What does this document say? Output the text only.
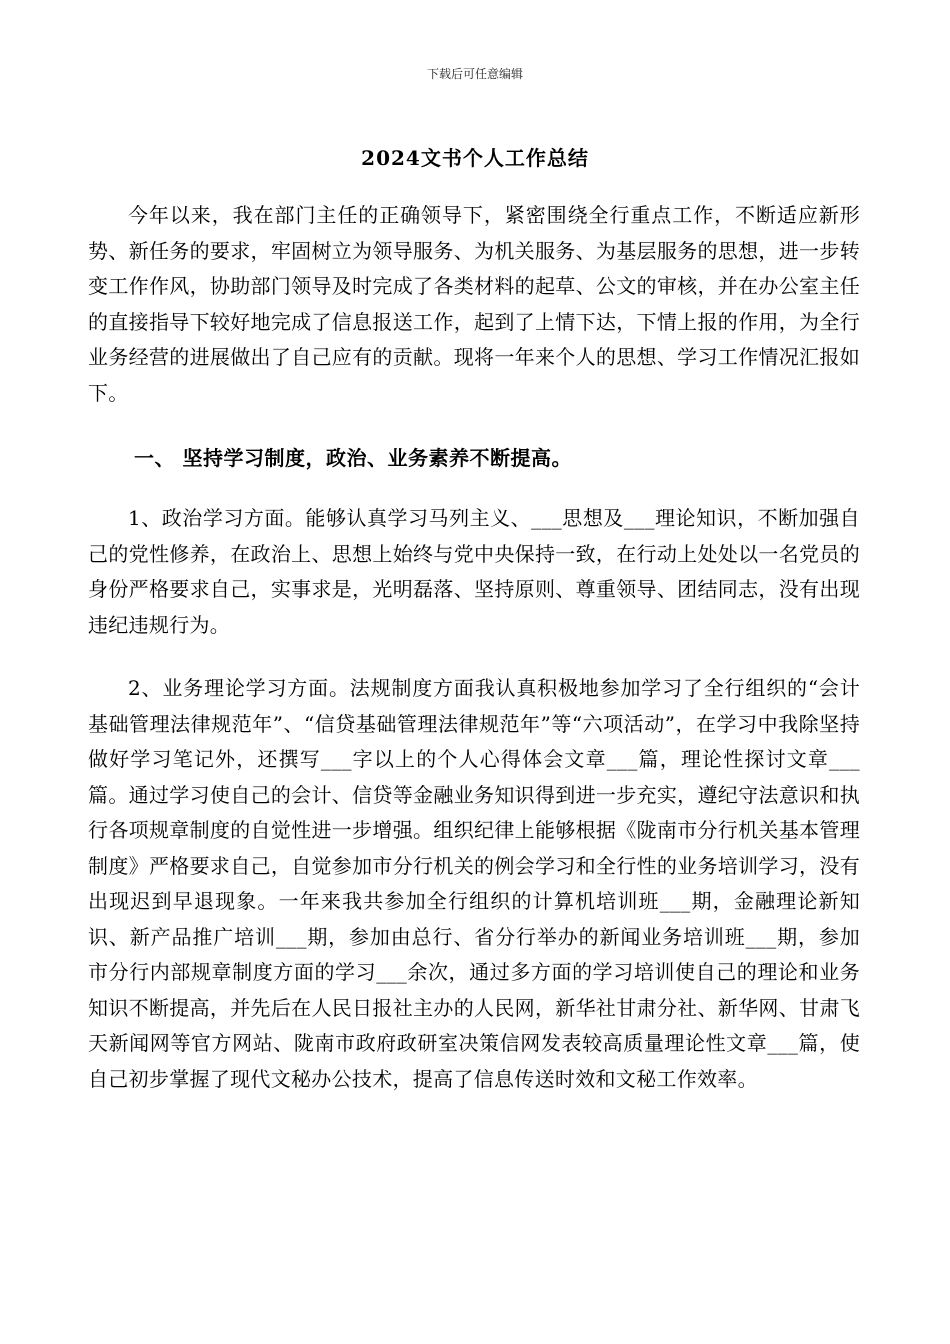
下载后可任意编辑
2024文书个人工作总结

今年以来，我在部门主任的正确领导下，紧密围绕全行重点工作，不断适应新形势、新任务的要求，牢固树立为领导服务、为机关服务、为基层服务的思想，进一步转变工作作风，协助部门领导及时完成了各类材料的起草、公文的审核，并在办公室主任的直接指导下较好地完成了信息报送工作，起到了上情下达，下情上报的作用，为全行业务经营的进展做出了自己应有的贡献。现将一年来个人的思想、学习工作情况汇报如下。

一、 坚持学习制度，政治、业务素养不断提高。

1、政治学习方面。能够认真学习马列主义、___思想及___理论知识，不断加强自己的党性修养，在政治上、思想上始终与党中央保持一致，在行动上处处以一名党员的身份严格要求自己，实事求是，光明磊落、坚持原则、尊重领导、团结同志，没有出现违纪违规行为。

2、业务理论学习方面。法规制度方面我认真积极地参加学习了全行组织的“会计基础管理法律规范年”、“信贷基础管理法律规范年”等“六项活动”，在学习中我除坚持做好学习笔记外，还撰写___字以上的个人心得体会文章___篇，理论性探讨文章___篇。通过学习使自己的会计、信贷等金融业务知识得到进一步充实，遵纪守法意识和执行各项规章制度的自觉性进一步增强。组织纪律上能够根据《陇南市分行机关基本管理制度》严格要求自己，自觉参加市分行机关的例会学习和全行性的业务培训学习，没有出现迟到早退现象。一年来我共参加全行组织的计算机培训班___期，金融理论新知识、新产品推广培训___期，参加由总行、省分行举办的新闻业务培训班___期，参加市分行内部规章制度方面的学习___余次，通过多方面的学习培训使自己的理论和业务知识不断提高，并先后在人民日报社主办的人民网，新华社甘肃分社、新华网、甘肃飞天新闻网等官方网站、陇南市政府政研室决策信网发表较高质量理论性文章___篇，使自己初步掌握了现代文秘办公技术，提高了信息传送时效和文秘工作效率。
